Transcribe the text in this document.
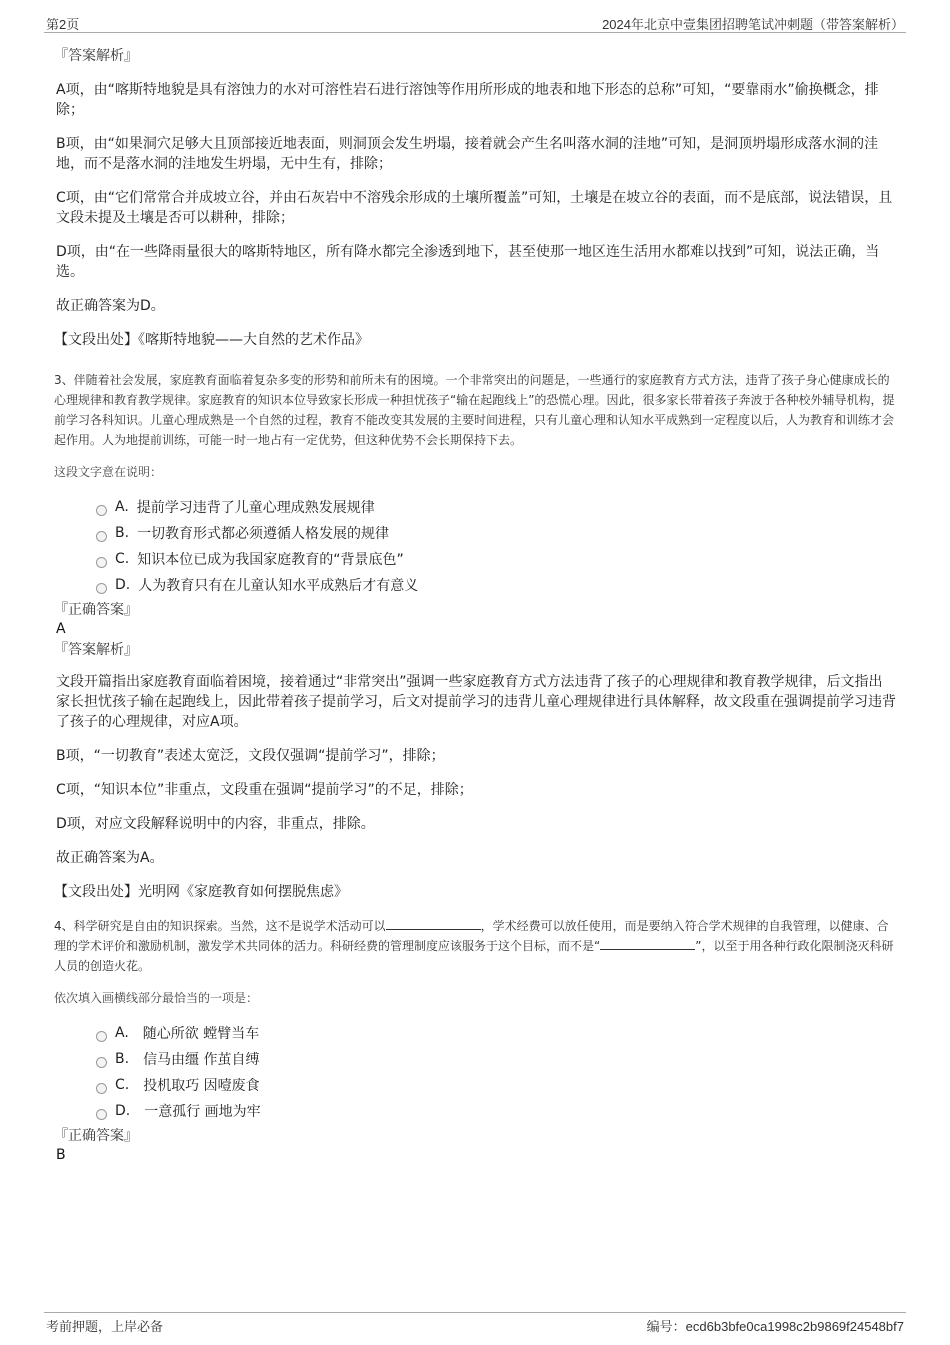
第2页	2024年北京中壹集团招聘笔试冲刺题（带答案解析）
『答案解析』

A项，由“喀斯特地貌是具有溶蚀力的水对可溶性岩石进行溶蚀等作用所形成的地表和地下形态的总称”可知，“要靠雨水”偷换概念，排除；

B项，由“如果洞穴足够大且顶部接近地表面，则洞顶会发生坍塌，接着就会产生名叫落水洞的洼地”可知，是洞顶坍塌形成落水洞的洼地，而不是落水洞的洼地发生坍塌，无中生有，排除；

C项，由“它们常常合并成坡立谷，并由石灰岩中不溶残余形成的土壤所覆盖”可知，土壤是在坡立谷的表面，而不是底部，说法错误，且文段未提及土壤是否可以耕种，排除；

D项，由“在一些降雨量很大的喀斯特地区，所有降水都完全渗透到地下，甚至使那一地区连生活用水都难以找到”可知，说法正确，当选。

故正确答案为D。

【文段出处】《喀斯特地貌——大自然的艺术作品》

3、伴随着社会发展，家庭教育面临着复杂多变的形势和前所未有的困境。一个非常突出的问题是，一些通行的家庭教育方式方法，违背了孩子身心健康成长的心理规律和教育教学规律。家庭教育的知识本位导致家长形成一种担忧孩子“输在起跑线上”的恐慌心理。因此，很多家长带着孩子奔波于各种校外辅导机构，提前学习各科知识。儿童心理成熟是一个自然的过程，教育不能改变其发展的主要时间进程，只有儿童心理和认知水平成熟到一定程度以后，人为教育和训练才会起作用。人为地提前训练，可能一时一地占有一定优势，但这种优势不会长期保持下去。

这段文字意在说明：
A. 提前学习违背了儿童心理成熟发展规律
B. 一切教育形式都必须遵循人格发展的规律
C. 知识本位已成为我国家庭教育的“背景底色”
D. 人为教育只有在儿童认知水平成熟后才有意义
『正确答案』
A
『答案解析』

文段开篇指出家庭教育面临着困境，接着通过“非常突出”强调一些家庭教育方式方法违背了孩子的心理规律和教育教学规律，后文指出家长担忧孩子输在起跑线上，因此带着孩子提前学习，后文对提前学习的违背儿童心理规律进行具体解释，故文段重在强调提前学习违背了孩子的心理规律，对应A项。

B项，“一切教育”表述太宽泛，文段仅强调“提前学习”，排除；

C项，“知识本位”非重点，文段重在强调“提前学习”的不足，排除；

D项，对应文段解释说明中的内容，非重点，排除。

故正确答案为A。

【文段出处】光明网《家庭教育如何摆脱焦虑》

4、科学研究是自由的知识探索。当然，这不是说学术活动可以	，学术经费可以放任使用，而是要纳入符合学术规律的自我管理，以健康、合理的学术评价和激励机制，激发学术共同体的活力。科研经费的管理制度应该服务于这个目标，而不是“	”，以至于用各种行政化限制浇灭科研人员的创造火花。

依次填入画横线部分最恰当的一项是：
A. 随心所欲 螳臂当车
B. 信马由缰 作茧自缚
C. 投机取巧 因噎废食
D. 一意孤行 画地为牢
『正确答案』
B
考前押题，上岸必备	编号：ecd6b3bfe0ca1998c2b9869f24548bf7
